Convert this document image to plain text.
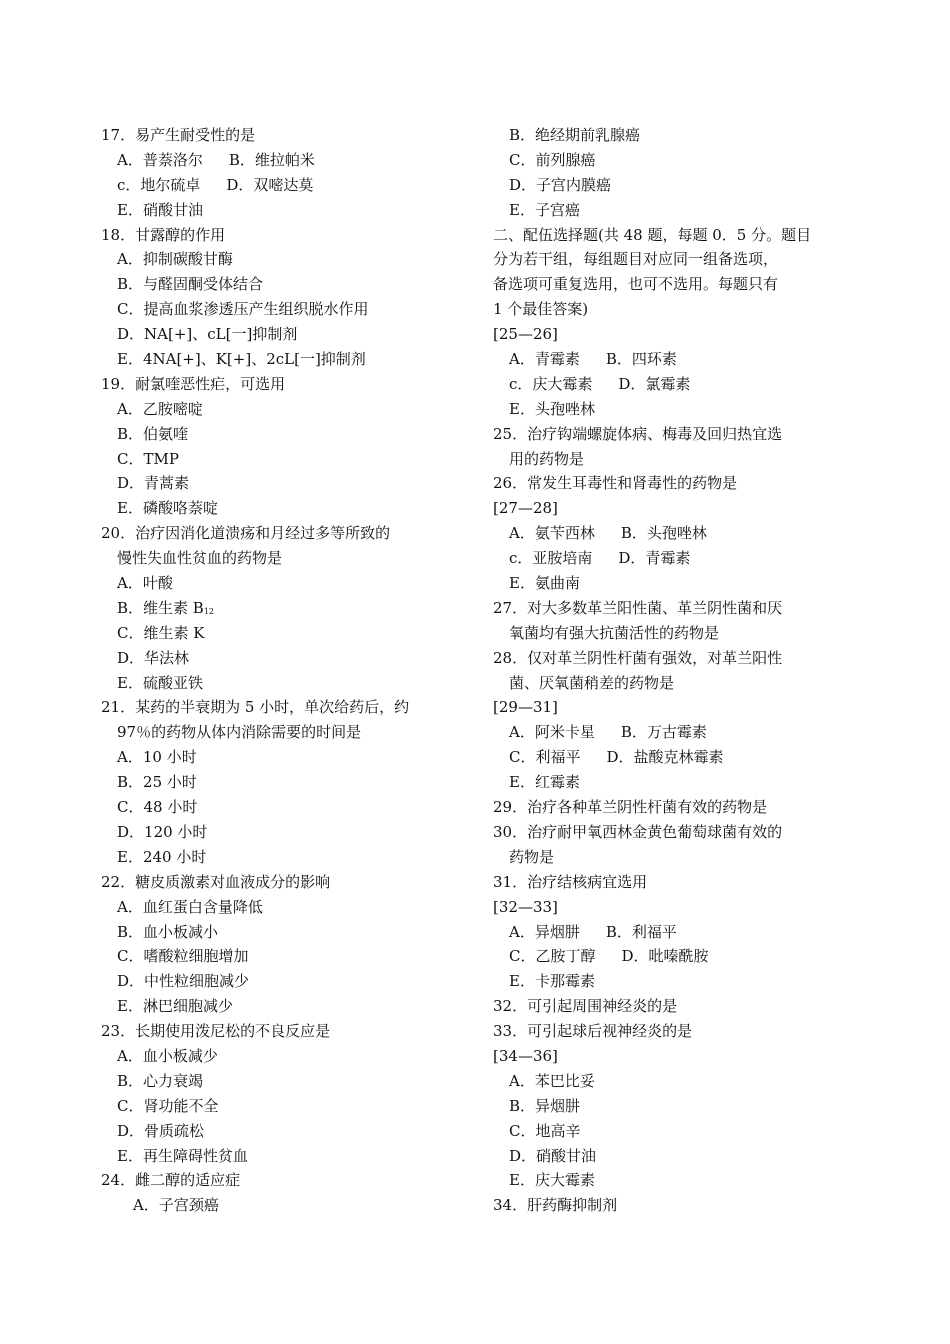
17．易产生耐受性的是
A．普萘洛尔 B．维拉帕米
c．地尔硫卓 D．双嘧达莫
E．硝酸甘油
18．甘露醇的作用
A．抑制碳酸甘酶
B．与醛固酮受体结合
C．提高血浆渗透压产生组织脱水作用
D．NA[+]、cL[一]抑制剂
E．4NA[+]、K[+]、2cL[一]抑制剂
19．耐氯喹恶性疟，可选用
A．乙胺嘧啶
B．伯氨喹
C．TMP
D．青蒿素
E．磷酸咯萘啶
20．治疗因消化道溃疡和月经过多等所致的
慢性失血性贫血的药物是
A．叶酸
B．维生素 $B_{12}$
C．维生素 K
D．华法林
E．硫酸亚铁
21．某药的半衰期为 5 小时，单次给药后，约
97％的药物从体内消除需要的时间是
A．10 小时
B．25 小时
C．48 小时
D．120 小时
E．240 小时
22．糖皮质激素对血液成分的影响
A．血红蛋白含量降低
B．血小板减小
C．嗜酸粒细胞增加
D．中性粒细胞减少
E．淋巴细胞减少
23．长期使用泼尼松的不良反应是
A．血小板减少
B．心力衰竭
C．肾功能不全
D．骨质疏松
E．再生障碍性贫血
24．雌二醇的适应症
A．子宫颈癌
B．绝经期前乳腺癌
C．前列腺癌
D．子宫内膜癌
E．子宫癌
二、配伍选择题(共 48 题，每题 0．5 分。题目
分为若干组，每组题目对应同一组备选项，
备选项可重复选用，也可不选用。每题只有
1 个最佳答案)
[25—26]
A．青霉素 B．四环素
c．庆大霉素 D．氯霉素
E．头孢唑林
25．治疗钩端螺旋体病、梅毒及回归热宜选
用的药物是
26．常发生耳毒性和肾毒性的药物是
[27—28]
A．氨苄西林 B．头孢唑林
c．亚胺培南 D．青霉素
E．氨曲南
27．对大多数革兰阳性菌、革兰阴性菌和厌
氧菌均有强大抗菌活性的药物是
28．仅对革兰阴性杆菌有强效，对革兰阳性
菌、厌氧菌稍差的药物是
[29—31]
A．阿米卡星 B．万古霉素
C．利福平 D．盐酸克林霉素
E．红霉素
29．治疗各种革兰阴性杆菌有效的药物是
30．治疗耐甲氧西林金黄色葡萄球菌有效的
药物是
31．治疗结核病宜选用
[32—33]
A．异烟肼 B．利福平
C．乙胺丁醇 D．吡嗪酰胺
E．卡那霉素
32．可引起周围神经炎的是
33．可引起球后视神经炎的是
[34—36]
A．苯巴比妥
B．异烟肼
C．地高辛
D．硝酸甘油
E．庆大霉素
34．肝药酶抑制剂
